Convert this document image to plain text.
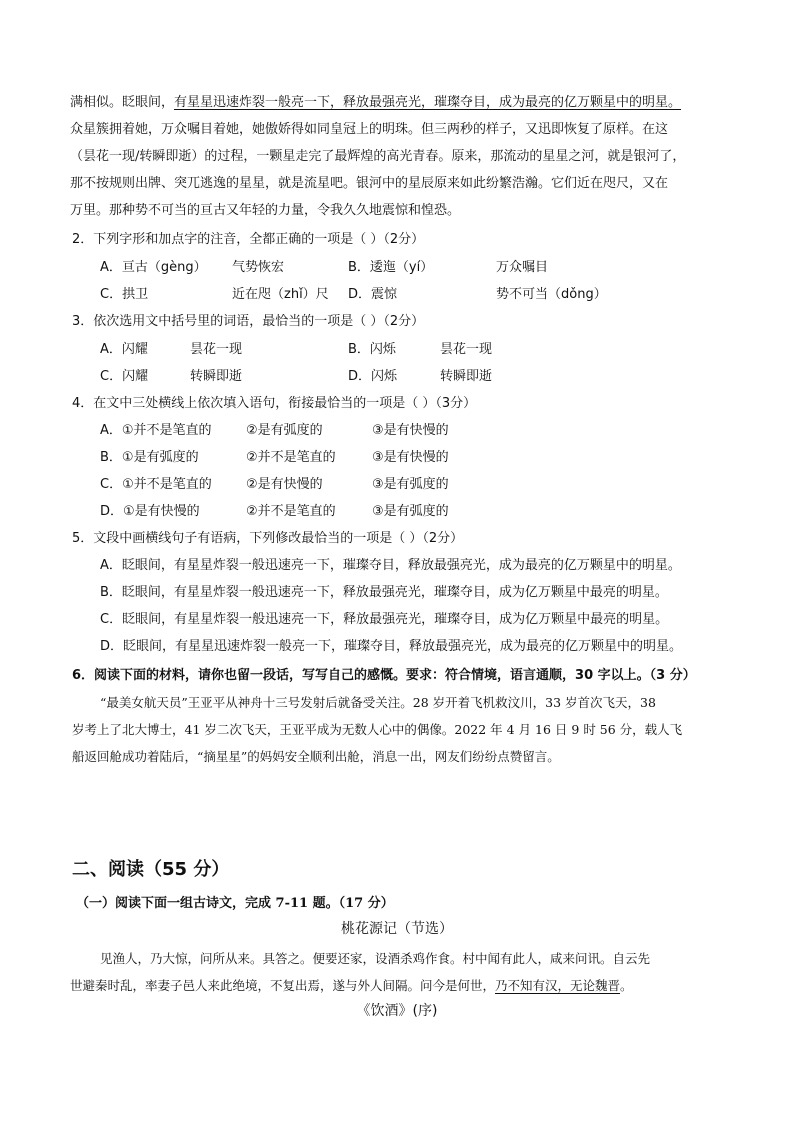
满相似。眨眼间，有星星迅速炸裂一般亮一下，释放最强亮光，璀璨夺目，成为最亮的亿万颗星中的明星。
众星簇拥着她，万众嘱目着她，她傲娇得如同皇冠上的明珠。但三两秒的样子，又迅即恢复了原样。在这
（昙花一现/转瞬即逝）的过程，一颗星走完了最辉煌的高光青春。原来，那流动的星星之河，就是银河了，
那不按规则出牌、突兀逃逸的星星，就是流星吧。银河中的星辰原来如此纷繁浩瀚。它们近在咫尺，又在
万里。那种势不可当的亘古又年轻的力量，令我久久地震惊和惶恐。
2．下列字形和加点字的注音，全都正确的一项是（ ）（2分）
A．亘古（gèng） 气势恢宏	B．逶迤（yí）	万众嘱目
C．拱卫	近在咫（zhǐ）尺 D．震惊	势不可当（dǒng）
3．依次选用文中括号里的词语，最恰当的一项是（ ）（2分）
A．闪耀	昙花一现	B．闪烁	昙花一现
C．闪耀	转瞬即逝	D．闪烁	转瞬即逝
4．在文中三处横线上依次填入语句，衔接最恰当的一项是（ ）（3分）
A．①并不是笔直的	②是有弧度的	③是有快慢的
B．①是有弧度的	②并不是笔直的	③是有快慢的
C．①并不是笔直的	②是有快慢的	③是有弧度的
D．①是有快慢的	②并不是笔直的	③是有弧度的
5．文段中画横线句子有语病，下列修改最恰当的一项是（ ）（2分）
A．眨眼间，有星星炸裂一般迅速亮一下，璀璨夺目，释放最强亮光，成为最亮的亿万颗星中的明星。
B．眨眼间，有星星炸裂一般迅速亮一下，释放最强亮光，璀璨夺目，成为亿万颗星中最亮的明星。
C．眨眼间，有星星炸裂一般迅速亮一下，释放最强亮光，璀璨夺目，成为亿万颗星中最亮的明星。
D．眨眼间，有星星迅速炸裂一般亮一下，璀璨夺目，释放最强亮光，成为最亮的亿万颗星中的明星。
6．阅读下面的材料，请你也留一段话，写写自己的感慨。要求：符合情境，语言通顺，30 字以上。（3 分）
“最美女航天员”王亚平从神舟十三号发射后就备受关注。28 岁开着飞机救汶川，33 岁首次飞天，38
岁考上了北大博士，41 岁二次飞天，王亚平成为无数人心中的偶像。2022 年 4 月 16 日 9 时 56 分，载人飞
船返回舱成功着陆后，“摘星星”的妈妈安全顺利出舱，消息一出，网友们纷纷点赞留言。
二、阅读（55 分）
（一）阅读下面一组古诗文，完成 7-11 题。（17 分）
桃花源记（节选）
见渔人，乃大惊，问所从来。具答之。便要还家，设酒杀鸡作食。村中闻有此人，咸来问讯。自云先
世避秦时乱，率妻子邑人来此绝境，不复出焉，遂与外人间隔。问今是何世，乃不知有汉，无论魏晋。
《饮酒》(序)
